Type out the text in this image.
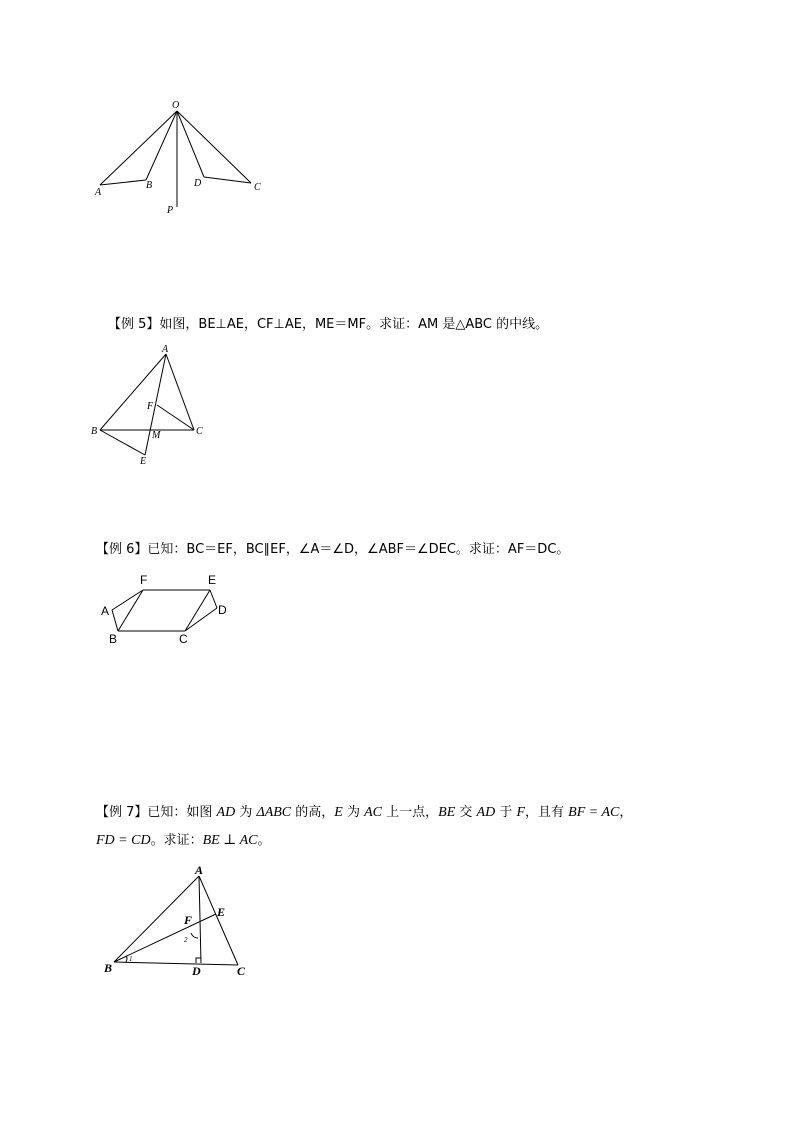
O
A
B	D	C
P
【例 5】如图，BE⊥AE，CF⊥AE，ME＝MF。求证：AM 是△ABC 的中线。
A
F
B	M	C
E
【例 6】已知：BC＝EF，BC∥EF，∠A＝∠D，∠ABF＝∠DEC。求证：AF＝DC。
F	E
A	D
B	C
【例 7】已知：如图 AD 为 ΔABC 的高，E 为 AC 上一点，BE 交 AD 于 F，且有 BF = AC，
FD = CD。求证：BE ⊥ AC。
A
E
F
B	D	C
1
2
